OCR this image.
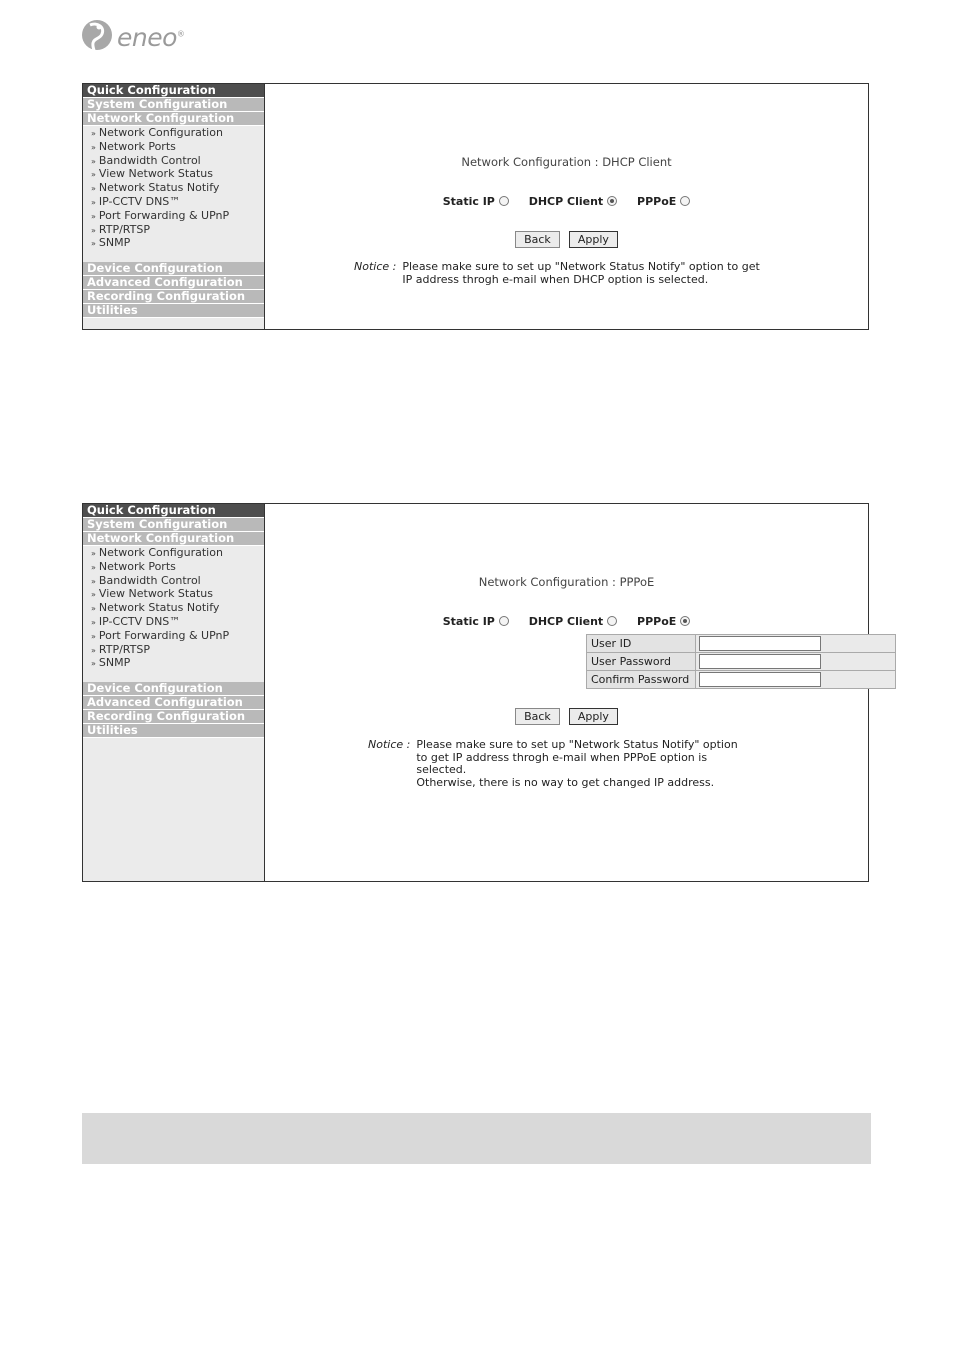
eneo®
Quick Configuration
System Configuration
Network Configuration
» Network Configuration
» Network Ports
» Bandwidth Control
» View Network Status
» Network Status Notify
» IP-CCTV DNS™
» Port Forwarding & UPnP
» RTP/RTSP
» SNMP
Device Configuration
Advanced Configuration
Recording Configuration
Utilities
Network Configuration : DHCP Client
Static IP	DHCP Client	PPPoE
Back Apply
Notice : Please make sure to set up "Network Status Notify" option to get
IP address throgh e-mail when DHCP option is selected.
Quick Configuration
System Configuration
Network Configuration
» Network Configuration
» Network Ports
» Bandwidth Control
» View Network Status
» Network Status Notify
» IP-CCTV DNS™
» Port Forwarding & UPnP
» RTP/RTSP
» SNMP
Device Configuration
Advanced Configuration
Recording Configuration
Utilities
Network Configuration : PPPoE
Static IP	DHCP Client	PPPoE
User ID	

User Password	

Confirm Password	
Back Apply
Notice : Please make sure to set up "Network Status Notify" option
to get IP address throgh e-mail when PPPoE option is
selected.
Otherwise, there is no way to get changed IP address.
